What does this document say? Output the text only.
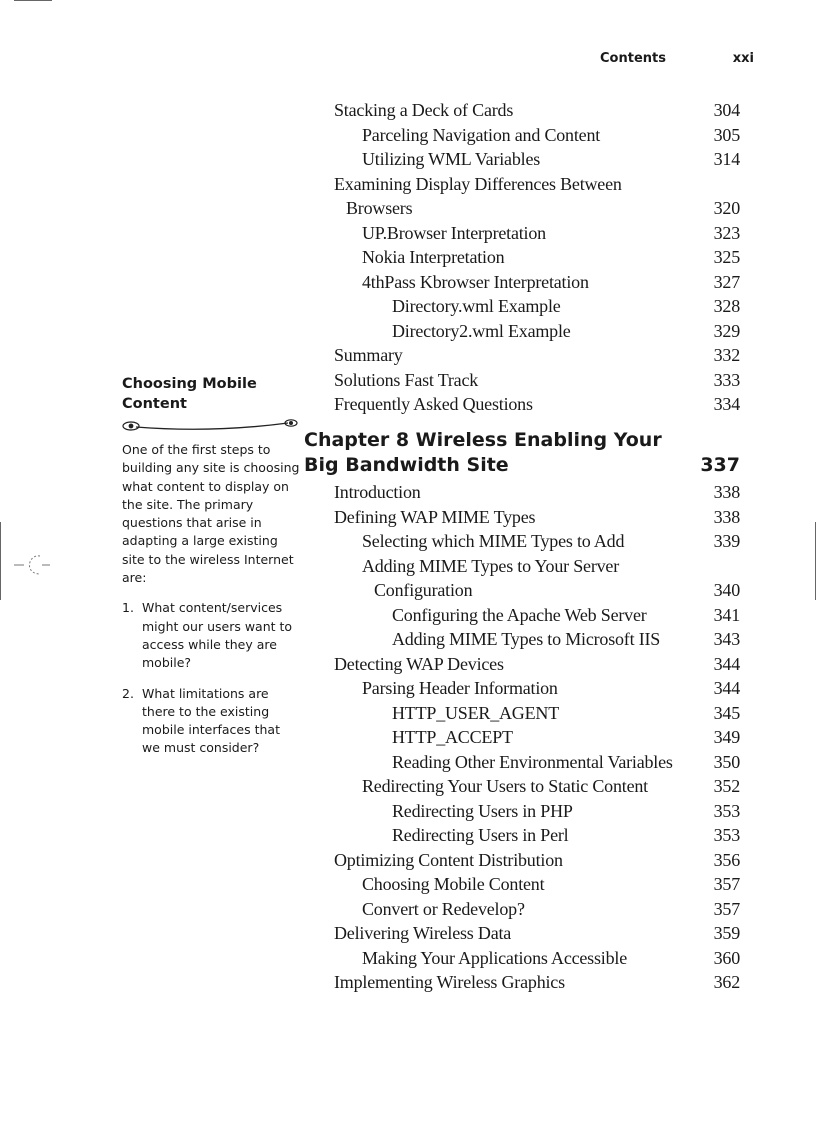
Contents	xxi
Stacking a Deck of Cards	304
Parceling Navigation and Content	305
Utilizing WML Variables	314
Examining Display Differences Between
Browsers	320
UP.Browser Interpretation	323
Nokia Interpretation	325
4thPass Kbrowser Interpretation	327
Directory.wml Example	328
Directory2.wml Example	329
Summary	332
Solutions Fast Track	333
Frequently Asked Questions	334
Chapter 8 Wireless Enabling Your
Big Bandwidth Site	337
Introduction	338
Defining WAP MIME Types	338
Selecting which MIME Types to Add	339
Adding MIME Types to Your Server
Configuration	340
Configuring the Apache Web Server	341
Adding MIME Types to Microsoft IIS	343
Detecting WAP Devices	344
Parsing Header Information	344
HTTP_USER_AGENT	345
HTTP_ACCEPT	349
Reading Other Environmental Variables 350
Redirecting Your Users to Static Content	352
Redirecting Users in PHP	353
Redirecting Users in Perl	353
Optimizing Content Distribution	356
Choosing Mobile Content	357
Convert or Redevelop?	357
Delivering Wireless Data	359
Making Your Applications Accessible	360
Implementing Wireless Graphics	362
Choosing Mobile
Content

One of the first steps to building any site is choosing what content to display on the site. The primary questions that arise in adapting a large existing site to the wireless Internet are:

1. What content/services might our users want to access while they are mobile?
2. What limitations are there to the existing mobile interfaces that we must consider?
